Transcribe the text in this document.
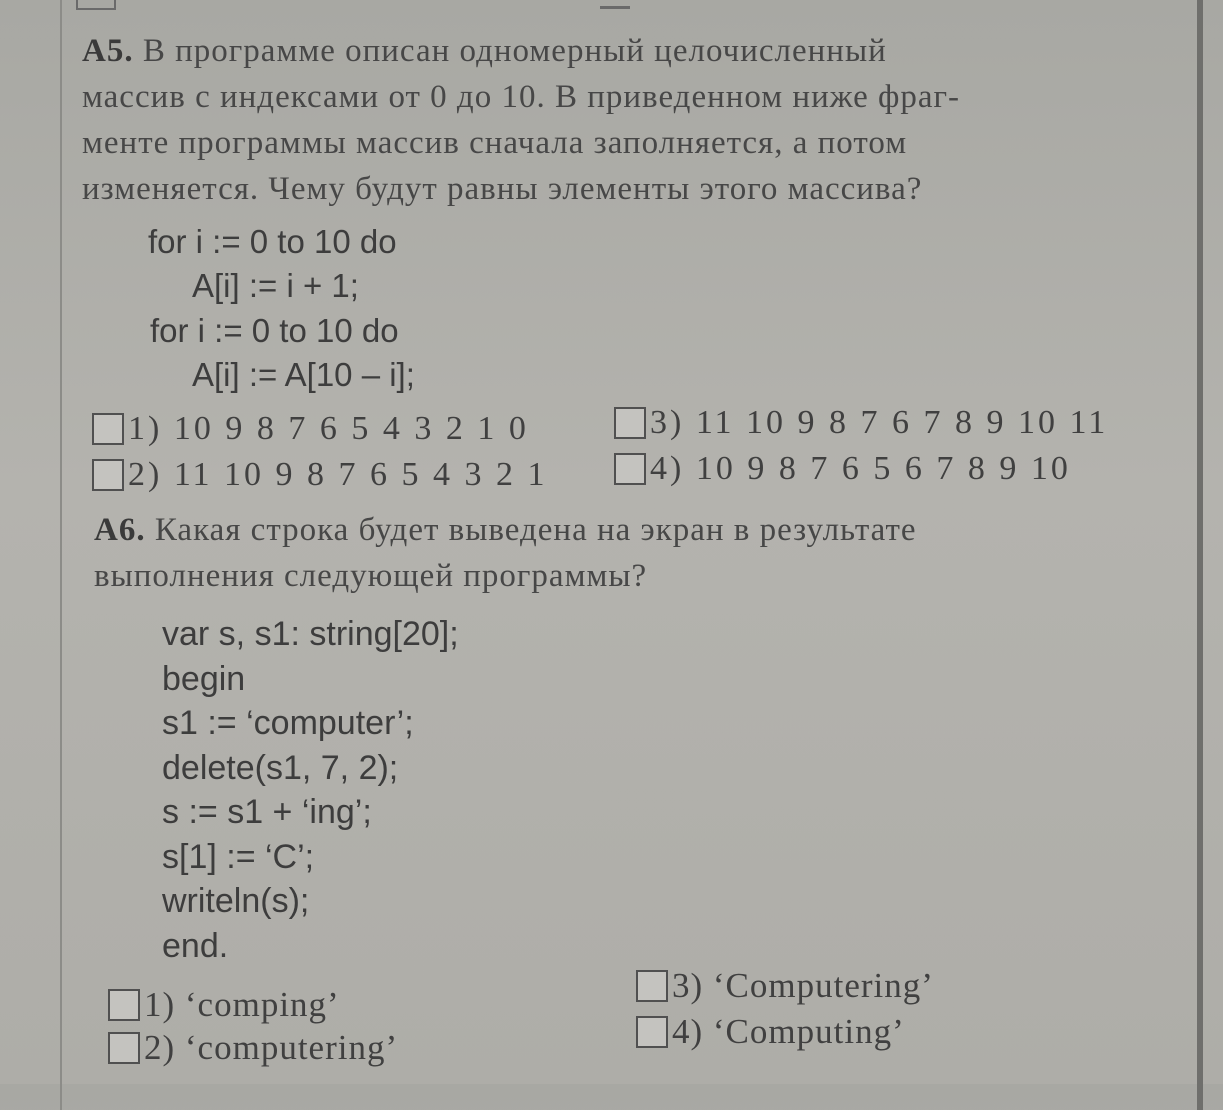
А5. В программе описан одномерный целочисленный
массив с индексами от 0 до 10. В приведенном ниже фраг-
менте программы массив сначала заполняется, а потом
изменяется. Чему будут равны элементы этого массива?
for i := 0 to 10 do
A[i] := i + 1;
for i := 0 to 10 do
A[i] := A[10 – i];
1) 10 9 8 7 6 5 4 3 2 1 0
2) 11 10 9 8 7 6 5 4 3 2 1
3) 11 10 9 8 7 6 7 8 9 10 11
4) 10 9 8 7 6 5 6 7 8 9 10
А6. Какая строка будет выведена на экран в результате
выполнения следующей программы?
var s, s1: string[20];
begin
s1 := ‘computer’;
delete(s1, 7, 2);
s := s1 + ‘ing’;
s[1] := ‘C’;
writeln(s);
end.
1) ‘comping’
2) ‘computering’
3) ‘Computering’
4) ‘Computing’
